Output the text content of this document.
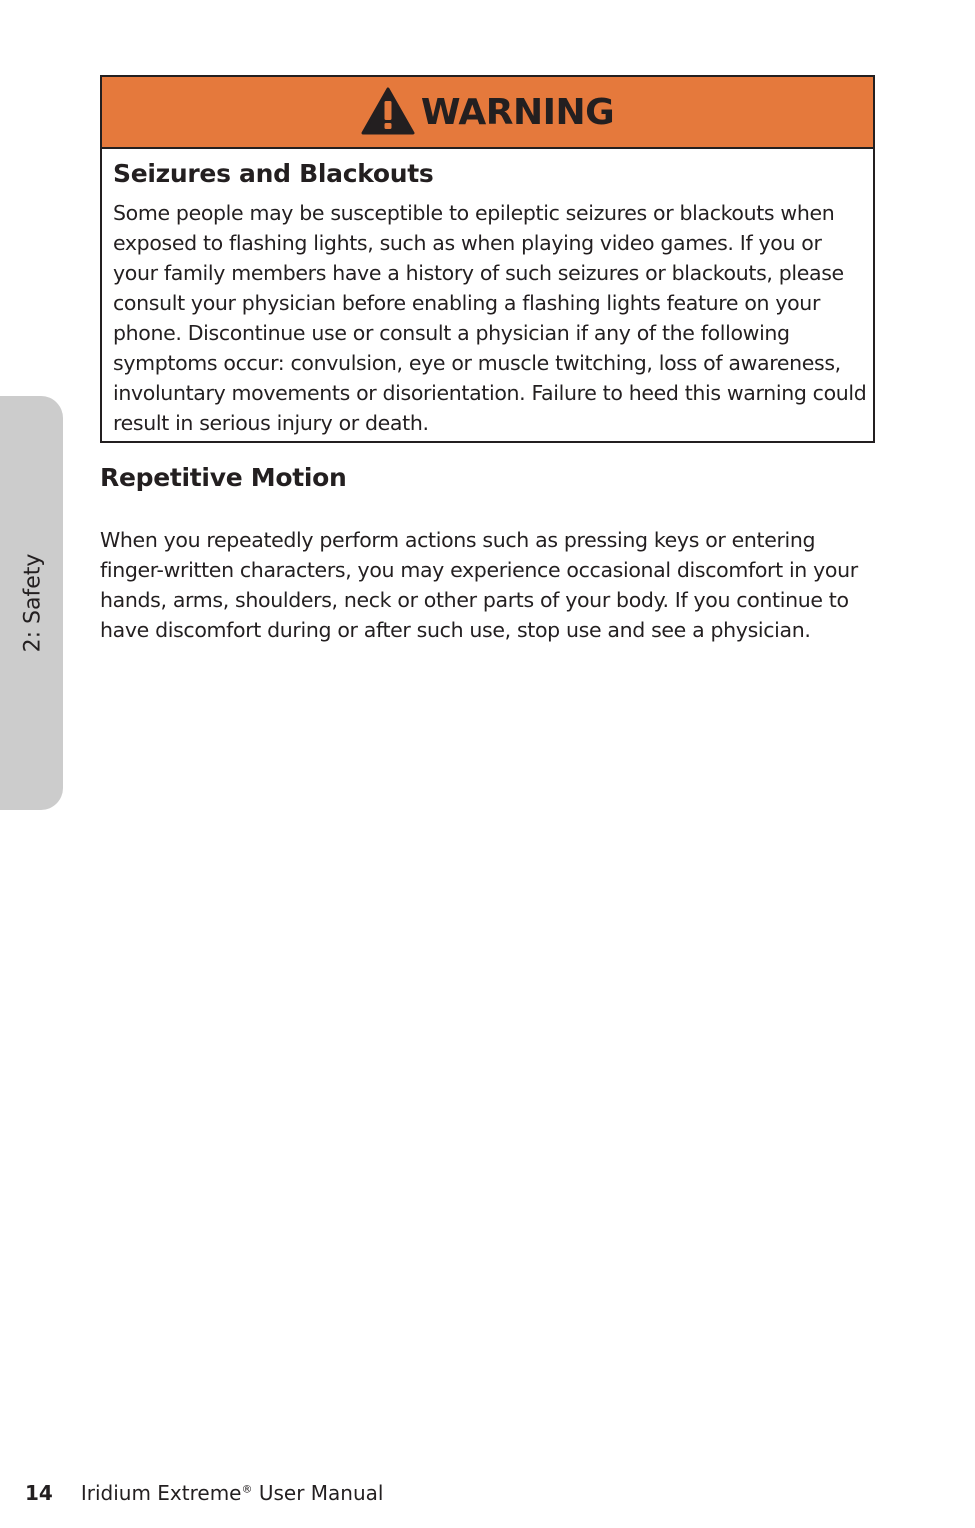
2: Safety
WARNING
Seizures and Blackouts

Some people may be susceptible to epileptic seizures or blackouts when exposed to flashing lights, such as when playing video games. If you or your family members have a history of such seizures or blackouts, please consult your physician before enabling a flashing lights feature on your phone. Discontinue use or consult a physician if any of the following symptoms occur: convulsion, eye or muscle twitching, loss of awareness, involuntary movements or disorientation. Failure to heed this warning could result in serious injury or death.

Repetitive Motion

When you repeatedly perform actions such as pressing keys or entering finger-written characters, you may experience occasional discomfort in your hands, arms, shoulders, neck or other parts of your body. If you continue to have discomfort during or after such use, stop use and see a physician.

14 Iridium Extreme® User Manual
